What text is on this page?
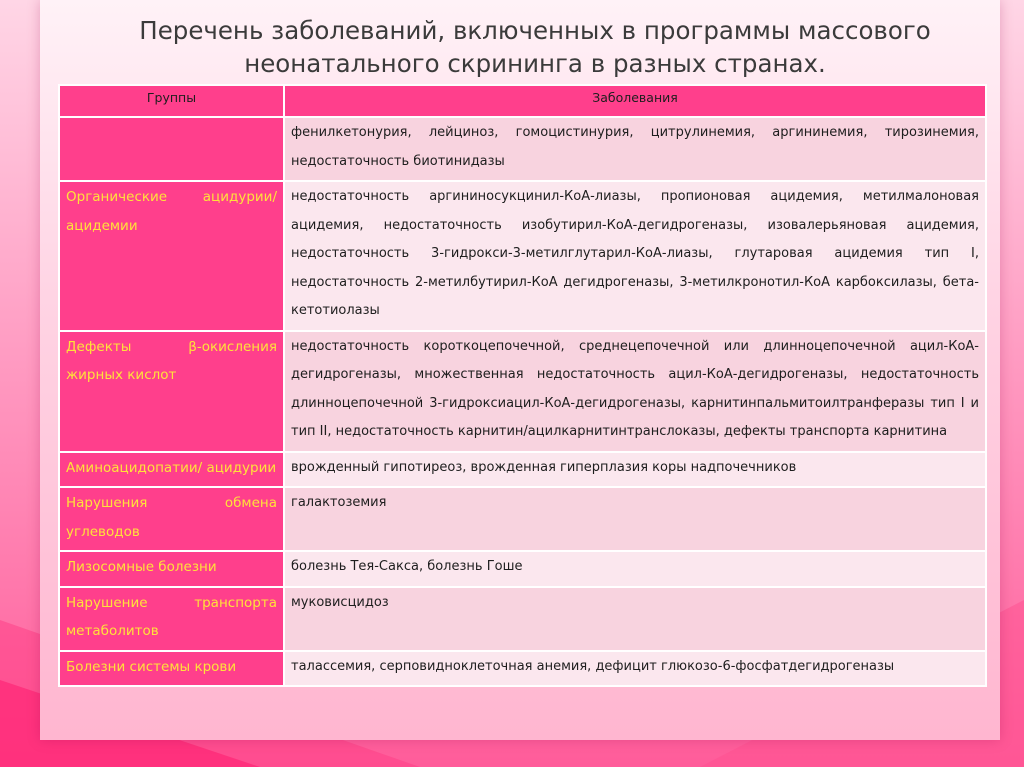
Перечень заболеваний, включенных в программы массового
неонатального скрининга в разных странах.
Группы	Заболевания
	фенилкетонурия, лейциноз, гомоцистинурия, цитрулинемия, аргининемия, тирозинемия, недостаточность биотинидазы
Органические ацидурии/ ацидемии	недостаточность аргининосукцинил-КоА-лиазы, пропионовая ацидемия, метилмалоновая ацидемия, недостаточность изобутирил-КоА-дегидрогеназы, изовалерьяновая ацидемия, недостаточность 3-гидрокси-3-метилглутарил-КоА-лиазы, глутаровая ацидемия тип I, недостаточность 2-метилбутирил-КоА дегидрогеназы, 3-метилкронотил-КоА карбоксилазы, бета-кетотиолазы
Дефекты β-окисления жирных кислот	недостаточность короткоцепочечной, среднецепочечной или длинноцепочечной ацил-КоА-дегидрогеназы, множественная недостаточность ацил-КоА-дегидрогеназы, недостаточность длинноцепочечной 3-гидроксиацил-КоА-дегидрогеназы, карнитинпальмитоилтранферазы тип I и тип II, недостаточность карнитин/ацилкарнитинтранслоказы, дефекты транспорта карнитина
Аминоацидопатии/ ацидурии	врожденный гипотиреоз, врожденная гиперплазия коры надпочечников
Нарушения обмена углеводов	галактоземия
Лизосомные болезни	болезнь Тея-Сакса, болезнь Гоше
Нарушение транспорта метаболитов	муковисцидоз
Болезни системы крови	талассемия, серповидноклеточная анемия, дефицит глюкозо-6-фосфатдегидрогеназы
